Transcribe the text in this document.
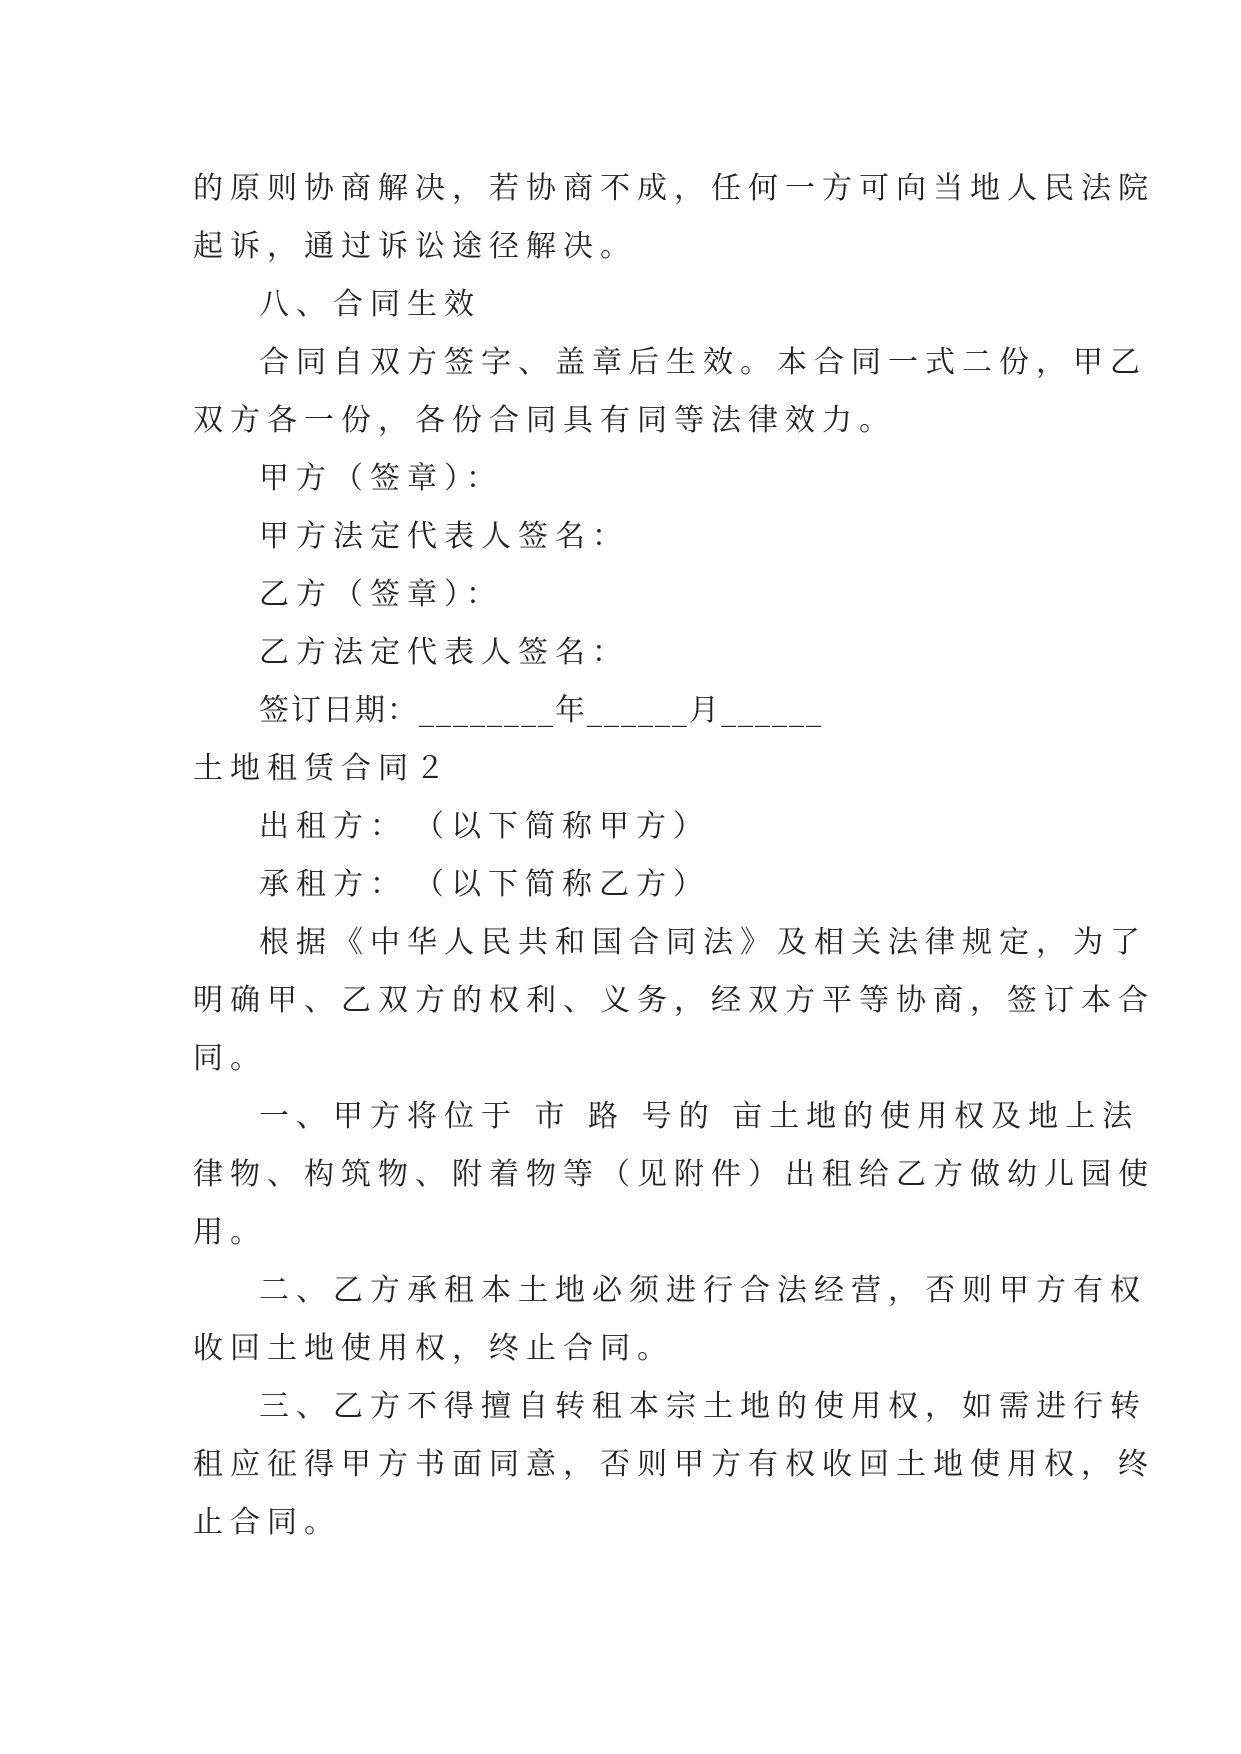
的原则协商解决，若协商不成，任何一方可向当地人民法院
起诉，通过诉讼途径解决。
八、合同生效
合同自双方签字、盖章后生效。本合同一式二份，甲乙
双方各一份，各份合同具有同等法律效力。
甲方（签章）：
甲方法定代表人签名：
乙方（签章）：
乙方法定代表人签名：
签订日期：________年______月______
土地租赁合同２
出租方：　（以下简称甲方）
承租方：　（以下简称乙方）
根据《中华人民共和国合同法》及相关法律规定，为了
明确甲、乙双方的权利、义务，经双方平等协商，签订本合
同。
一、甲方将位于 市 路 号的 亩土地的使用权及地上法
律物、构筑物、附着物等（见附件）出租给乙方做幼儿园使
用。
二、乙方承租本土地必须进行合法经营，否则甲方有权
收回土地使用权，终止合同。
三、乙方不得擅自转租本宗土地的使用权，如需进行转
租应征得甲方书面同意，否则甲方有权收回土地使用权，终
止合同。
